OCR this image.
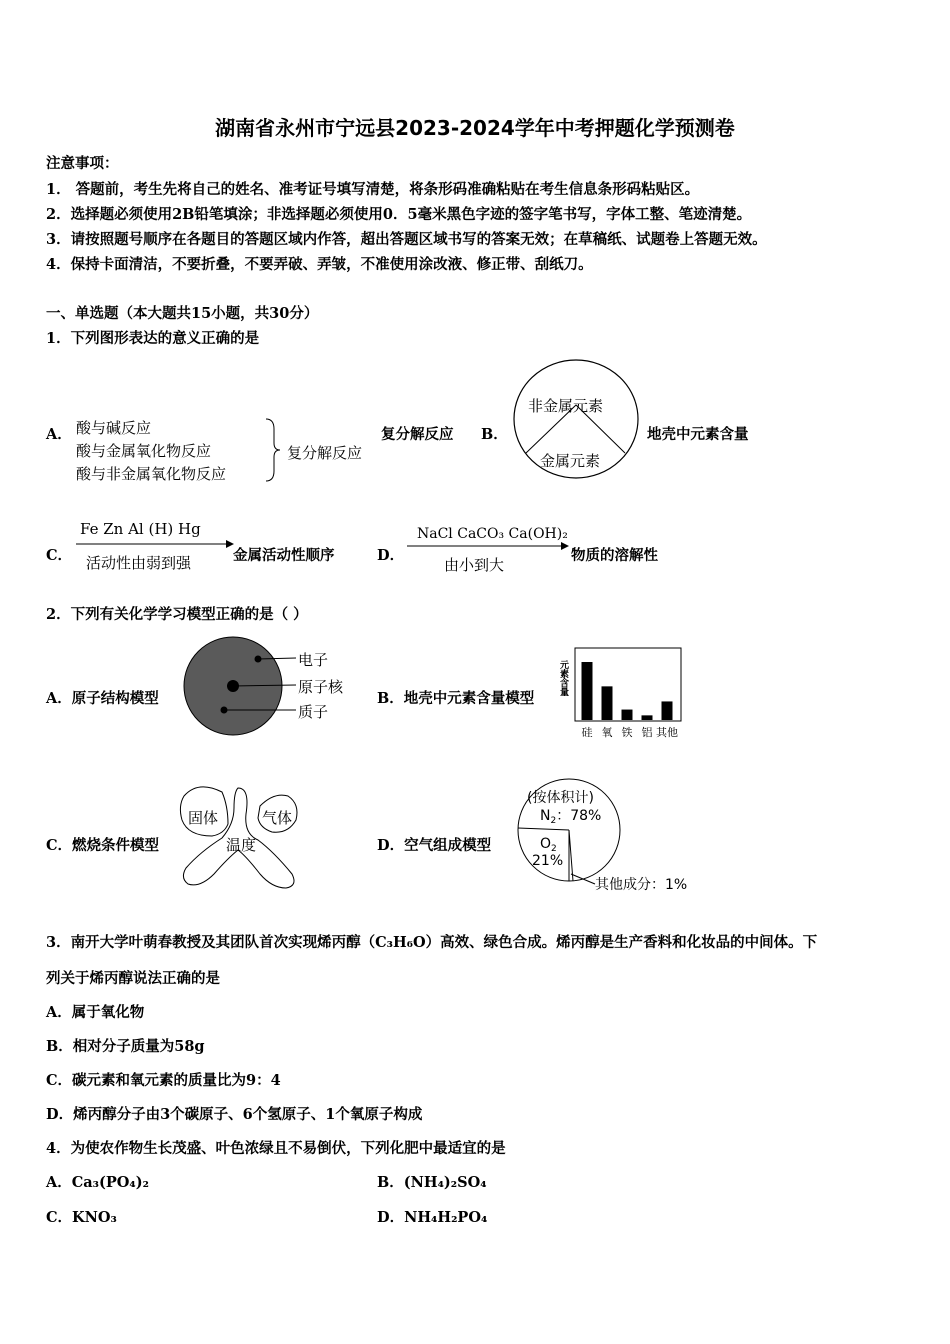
湖南省永州市宁远县2023-2024学年中考押题化学预测卷
注意事项：
1． 答题前，考生先将自己的姓名、准考证号填写清楚，将条形码准确粘贴在考生信息条形码粘贴区。
2．选择题必须使用2B铅笔填涂；非选择题必须使用0．5毫米黑色字迹的签字笔书写，字体工整、笔迹清楚。
3．请按照题号顺序在各题目的答题区域内作答，超出答题区域书写的答案无效；在草稿纸、试题卷上答题无效。
4．保持卡面清洁，不要折叠，不要弄破、弄皱，不准使用涂改液、修正带、刮纸刀。
一、单选题（本大题共15小题，共30分）
1．下列图形表达的意义正确的是
A． 酸与碱反应
酸与金属氧化物反应
酸与非金属氧化物反应
复分解反应
复分解反应 B．
非金属元素
金属元素
地壳中元素含量
C．
Fe Zn Al (H) Hg
活动性由弱到强	金属活动性顺序	D．
NaCl CaCO₃ Ca(OH)₂
由小到大
物质的溶解性
2．下列有关化学学习模型正确的是（ ）
A．原子结构模型
电子
原子核
质子
B．地壳中元素含量模型
硅 氧 铁 铝 其他
元素含量
C．燃烧条件模型
固体	气体
温度	D．空气组成模型
(按体积计)
$N_2$：78%
$O_2$
21%
其他成分：1%
3．南开大学叶萌春教授及其团队首次实现烯丙醇（C₃H₆O）高效、绿色合成。烯丙醇是生产香料和化妆品的中间体。下
列关于烯丙醇说法正确的是
A．属于氧化物
B．相对分子质量为58g
C．碳元素和氧元素的质量比为9：4
D．烯丙醇分子由3个碳原子、6个氢原子、1个氧原子构成
4．为使农作物生长茂盛、叶色浓绿且不易倒伏，下列化肥中最适宜的是
A．Ca₃(PO₄)₂	B．(NH₄)₂SO₄
C．KNO₃	D．NH₄H₂PO₄
